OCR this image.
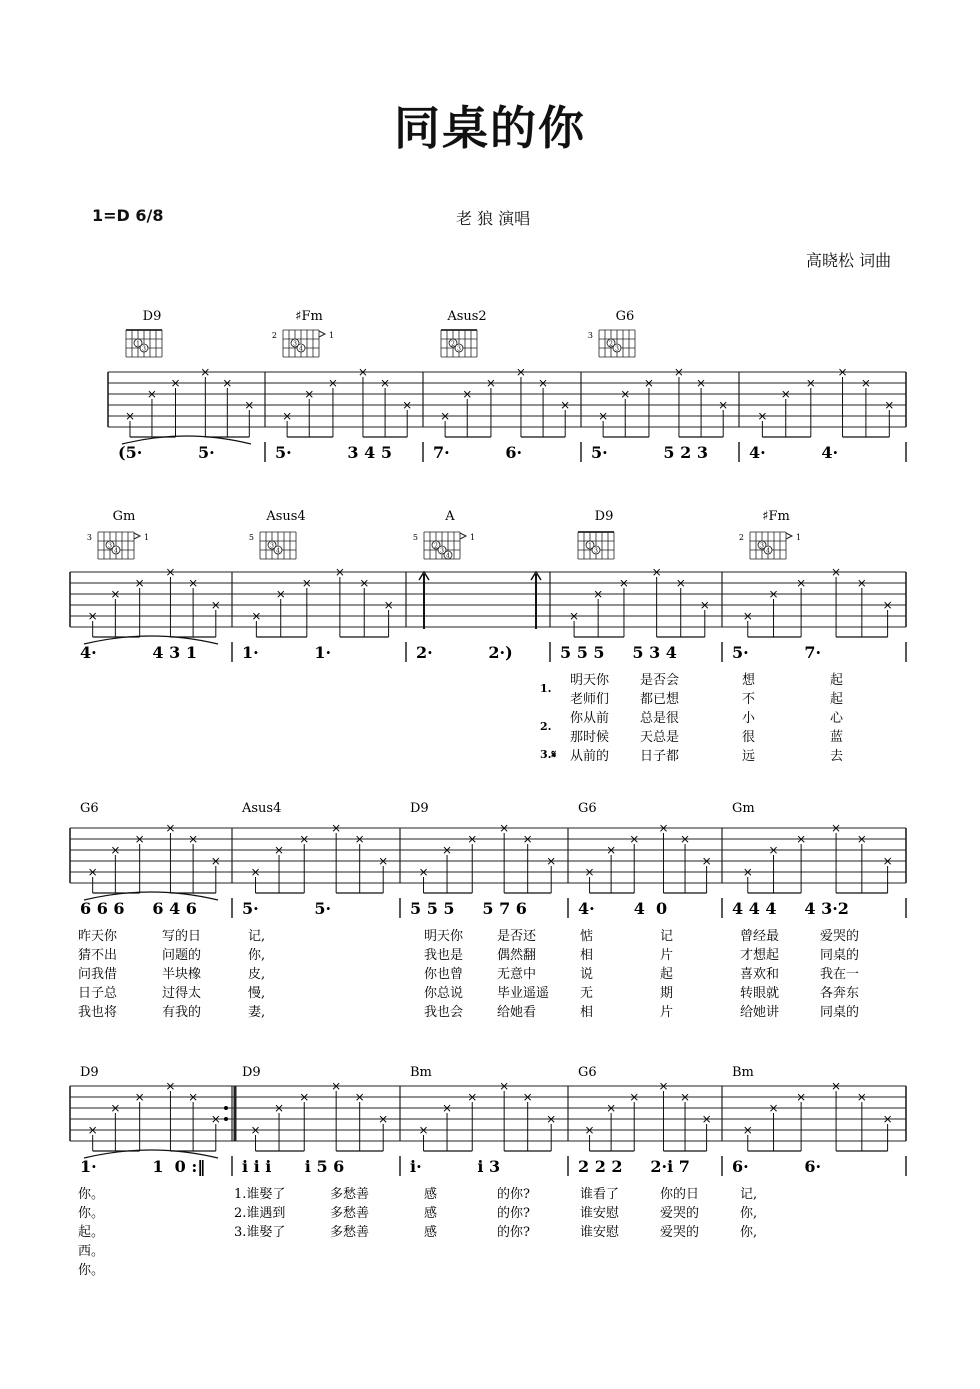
同桌的你
1=D 6/8	老 狼 演唱
高晓松 词曲
×
×
×
×
×
×
×
×
×
×
×
×
×
×
×
×
×
×
×
×
×
×
×
×
×
×
×
×
×
×
D9
1
3
♯Fm
2	1
3
4
Asus2
2
3
G6
3
2
3
(5·          5·	5·          3 4 5	7·          6·	5·          5 2 3	4·          4·
×
×
×
×
×
×
×
×
×
×
×
×
×
×
×
×
×
×
×
×
×
×
×
×
Gm
3	1
3
4
Asus4
5
3
4
A
5	1
2
3
4
D9
1
3
♯Fm
2	1
3
4
4·          4 3 1	1·          1·	2·          2·)	5 5 5     5 3 4	5·          7·
1.
2.
3.𝄋
明天你 是否会	想	起
老师们 都已想	不	起
你从前 总是很	小	心
那时候 天总是	很	蓝
从前的 日子都	远	去
×
×
×
×
×
×
×
×
×
×
×
×
×
×
×
×
×
×
×
×
×
×
×
×
×
×
×
×
×
×
G6	Asus4	D9	G6	Gm
6 6 6     6 4 6	5·          5·	5 5 5     5 7 6	4·       4  0	4 4 4     4 3·2
昨天你	写的日	记,	明天你	是否还	惦	记	曾经最	爱哭的
猜不出	问题的	你,	我也是	偶然翻	相	片	才想起	同桌的
问我借	半块橡	皮,	你也曾	无意中	说	起	喜欢和	我在一
日子总	过得太	慢,	你总说	毕业遥遥 无	期	转眼就	各奔东
我也将	有我的	妻,	我也会	给她看	相	片	给她讲	同桌的
×
×
×
×
×
×
×
×
×
×
×
×
×
×
×
×
×
×
×
×
×
×
×
×
×
×
×
×
×
×
D9	D9	Bm	G6	Bm
1·          1  0 :‖ i i i      i 5 6	i·          i 3	2 2 2     2·i 7	6·          6·
你。	1.谁娶了	多愁善	感	的你?	谁看了	你的日	记,
你。	2.谁遇到	多愁善	感	的你?	谁安慰	爱哭的	你,
起。	3.谁娶了	多愁善	感	的你?	谁安慰	爱哭的	你,
西。
你。
